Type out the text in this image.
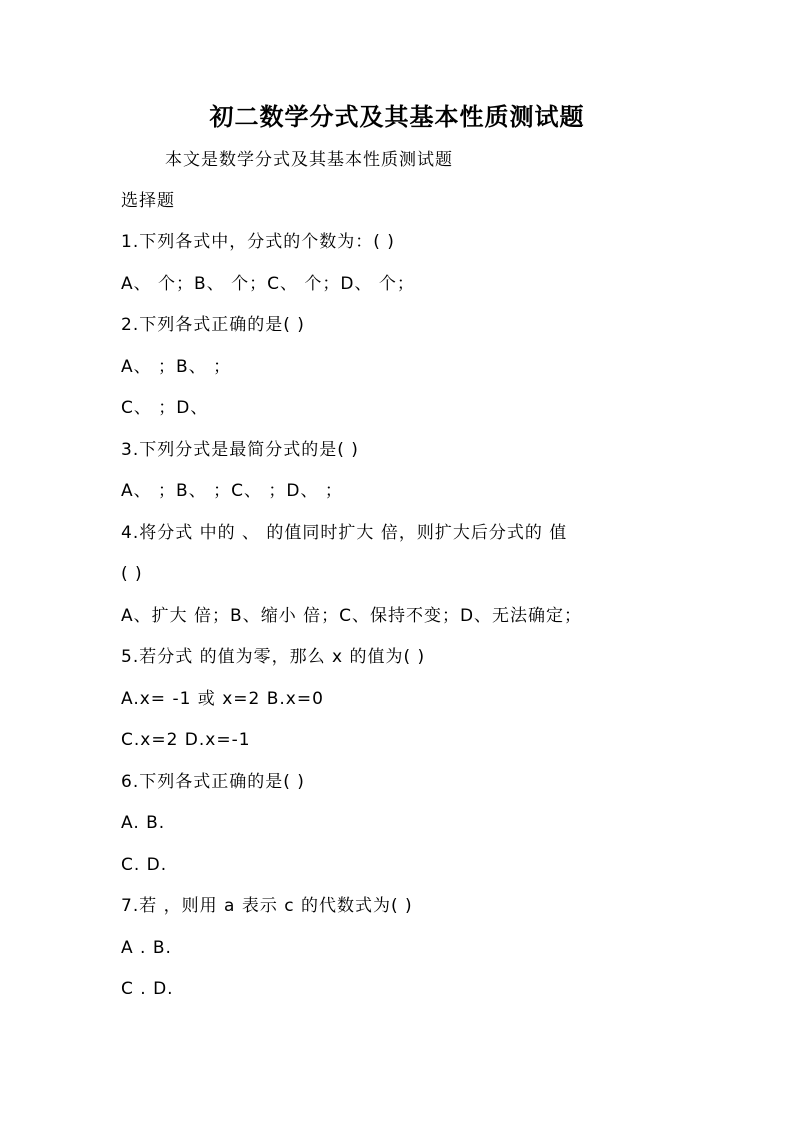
初二数学分式及其基本性质测试题

本文是数学分式及其基本性质测试题

选择题

1.下列各式中，分式的个数为：( )

A、 个；B、 个；C、 个；D、 个；

2.下列各式正确的是( )

A、 ；B、 ；

C、 ；D、

3.下列分式是最简分式的是( )

A、 ；B、 ；C、 ；D、 ；

4.将分式 中的 、 的值同时扩大 倍，则扩大后分式的 值

( )

A、扩大 倍；B、缩小 倍；C、保持不变；D、无法确定；

5.若分式 的值为零，那么 x 的值为( )

A.x= -1 或 x=2 B.x=0

C.x=2 D.x=-1

6.下列各式正确的是( )

A. B.

C. D.

7.若 ，则用 a 表示 c 的代数式为( )

A . B.

C . D.
